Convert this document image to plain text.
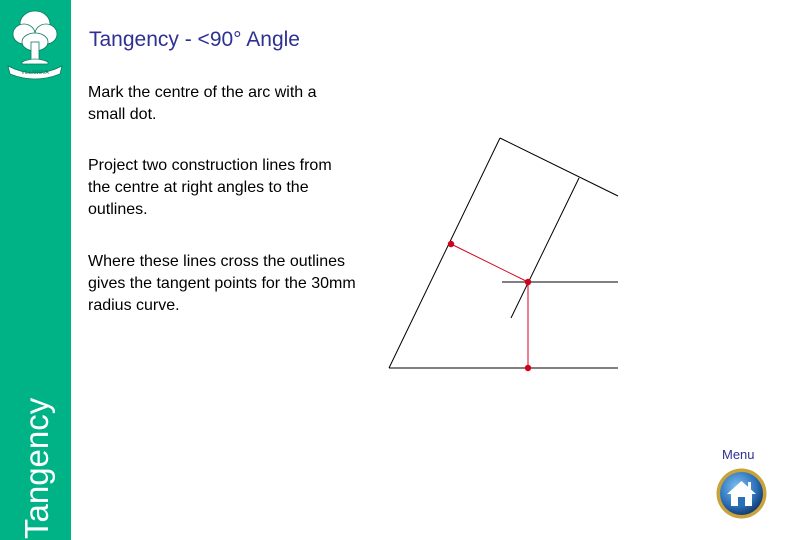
VILLANOVA
Tangency
Tangency - <90° Angle

Mark the centre of the arc with a small dot.

Project two construction lines from the centre at right angles to the outlines.

Where these lines cross the outlines gives the tangent points for the 30mm radius curve.

Menu
